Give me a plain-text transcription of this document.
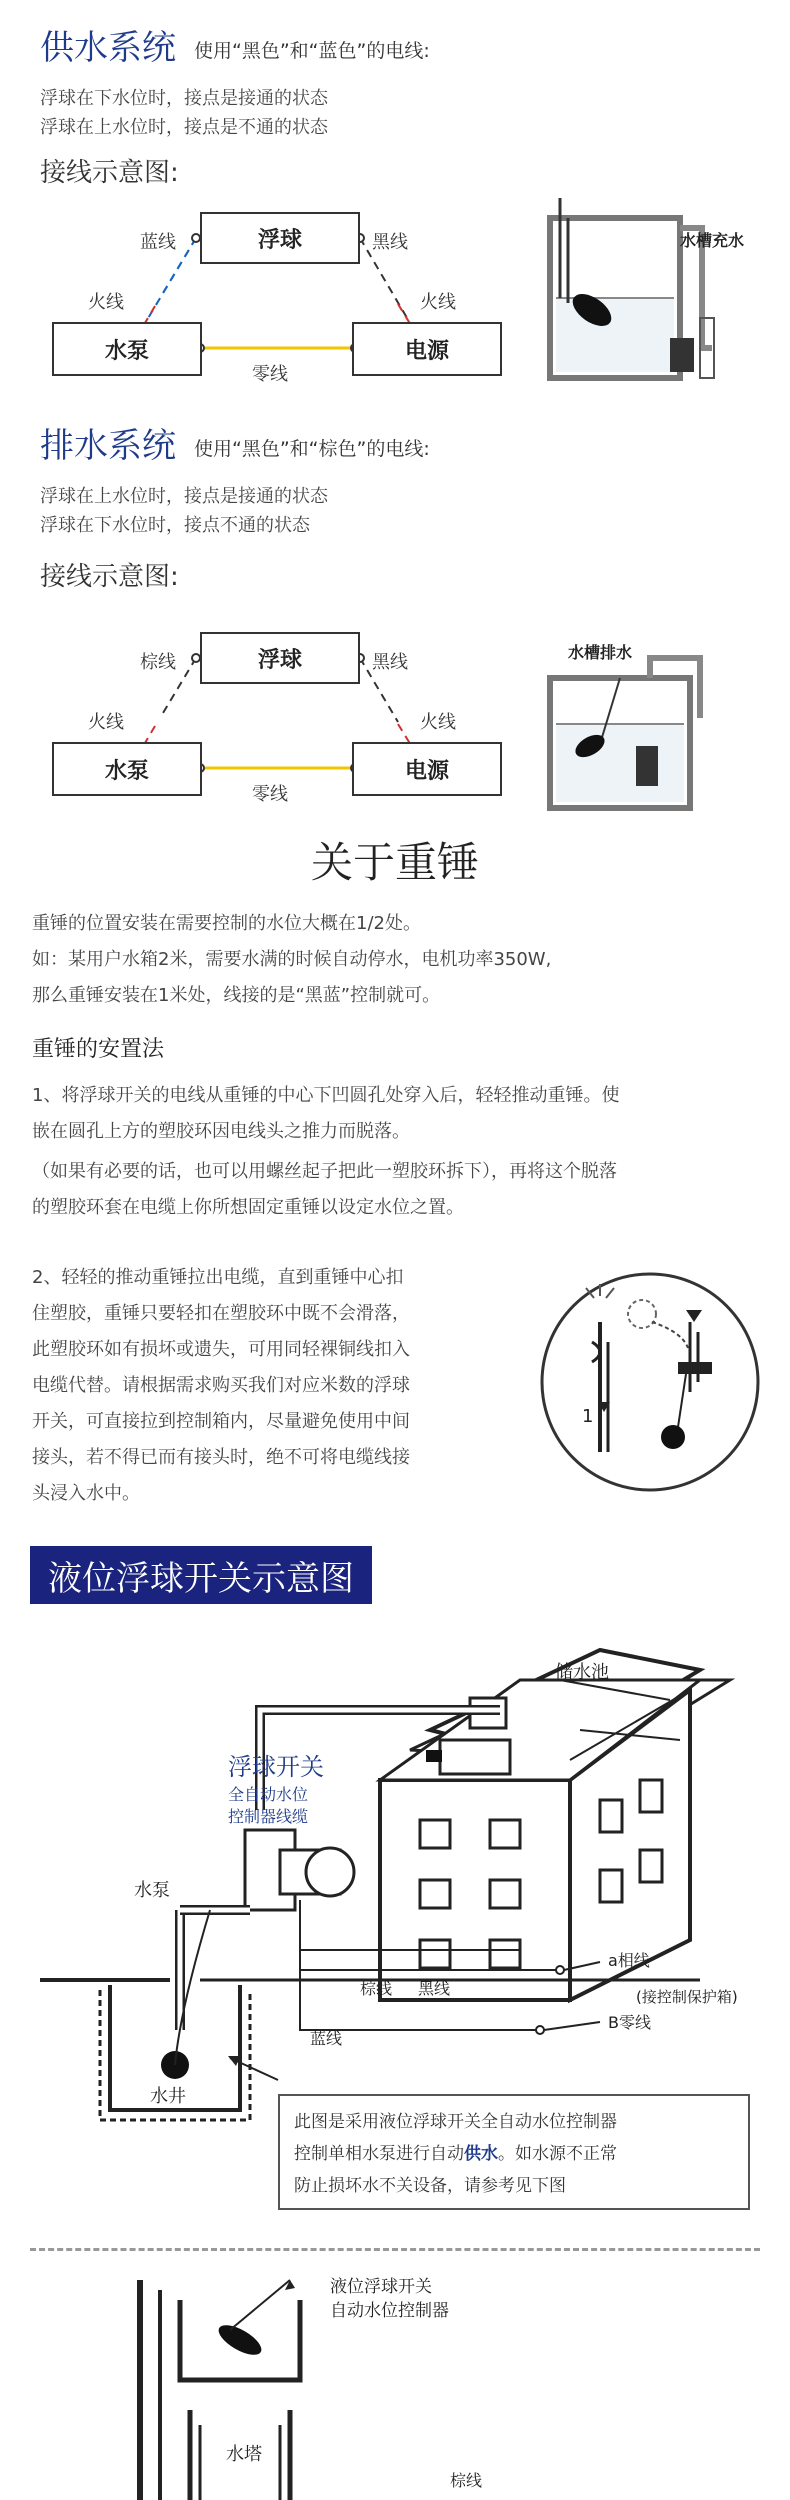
供水系统 使用“黑色”和“蓝色”的电线:
浮球在下水位时，接点是接通的状态
浮球在上水位时，接点是不通的状态
接线示意图:
浮球
水泵	电源
蓝线	黑线
火线	火线
零线
水槽充水
排水系统 使用“黑色”和“棕色”的电线:
浮球在上水位时，接点是接通的状态
浮球在下水位时，接点不通的状态
接线示意图:
浮球
水泵	电源
棕线	黑线
火线	火线
零线
水槽排水
关于重锤
重锤的位置安装在需要控制的水位大概在1/2处。
如：某用户水箱2米，需要水满的时候自动停水，电机功率350W,
那么重锤安装在1米处，线接的是“黑蓝”控制就可。
重锤的安置法
1、将浮球开关的电线从重锤的中心下凹圆孔处穿入后，轻轻推动重锤。使
嵌在圆孔上方的塑胶环因电线头之推力而脱落。
（如果有必要的话，也可以用螺丝起子把此一塑胶环拆下），再将这个脱落
的塑胶环套在电缆上你所想固定重锤以设定水位之置。
2、轻轻的推动重锤拉出电缆，直到重锤中心扣
住塑胶，重锤只要轻扣在塑胶环中既不会滑落，
此塑胶环如有损坏或遗失，可用同轻裸铜线扣入
电缆代替。请根据需求购买我们对应米数的浮球
开关，可直接拉到控制箱内，尽量避免使用中间
接头，若不得已而有接头时，绝不可将电缆线接
头浸入水中。
1
液位浮球开关示意图
储水池
浮球开关
全自动水位
控制器线缆
水泵
水井
棕线 黑线
蓝线
a相线
B零线
(接控制保护箱)
此图是采用液位浮球开关全自动水位控制器
控制单相水泵进行自动供水。如水源不正常
防止损坏水不关设备，请参考见下图
液位浮球开关
自动水位控制器
水塔
棕线
